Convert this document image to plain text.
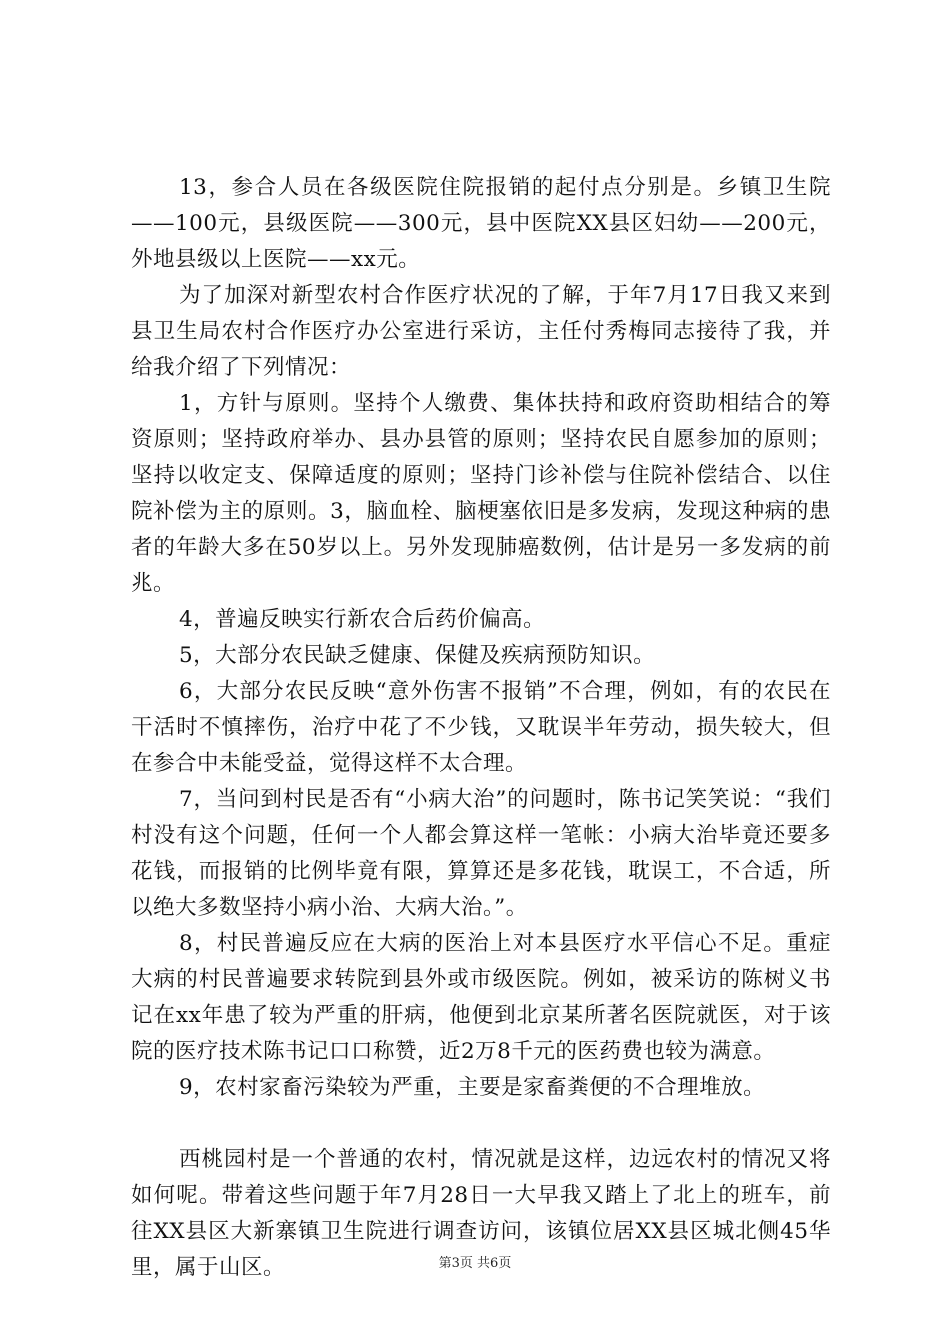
13，参合人员在各级医院住院报销的起付点分别是。乡镇卫生院——100元，县级医院——300元，县中医院XX县区妇幼——200元，外地县级以上医院——xx元。

为了加深对新型农村合作医疗状况的了解，于年7月17日我又来到县卫生局农村合作医疗办公室进行采访，主任付秀梅同志接待了我，并给我介绍了下列情况：

1，方针与原则。坚持个人缴费、集体扶持和政府资助相结合的筹资原则；坚持政府举办、县办县管的原则；坚持农民自愿参加的原则；坚持以收定支、保障适度的原则；坚持门诊补偿与住院补偿结合、以住院补偿为主的原则。3，脑血栓、脑梗塞依旧是多发病，发现这种病的患者的年龄大多在50岁以上。另外发现肺癌数例，估计是另一多发病的前兆。

4，普遍反映实行新农合后药价偏高。

5，大部分农民缺乏健康、保健及疾病预防知识。

6，大部分农民反映“意外伤害不报销”不合理，例如，有的农民在干活时不慎摔伤，治疗中花了不少钱，又耽误半年劳动，损失较大，但在参合中未能受益，觉得这样不太合理。

7，当问到村民是否有“小病大治”的问题时，陈书记笑笑说：“我们村没有这个问题，任何一个人都会算这样一笔帐：小病大治毕竟还要多花钱，而报销的比例毕竟有限，算算还是多花钱，耽误工，不合适，所以绝大多数坚持小病小治、大病大治。”。

8，村民普遍反应在大病的医治上对本县医疗水平信心不足。重症大病的村民普遍要求转院到县外或市级医院。例如，被采访的陈树义书记在xx年患了较为严重的肝病，他便到北京某所著名医院就医，对于该院的医疗技术陈书记口口称赞，近2万8千元的医药费也较为满意。

9，农村家畜污染较为严重，主要是家畜粪便的不合理堆放。

西桃园村是一个普通的农村，情况就是这样，边远农村的情况又将如何呢。带着这些问题于年7月28日一大早我又踏上了北上的班车，前往XX县区大新寨镇卫生院进行调查访问，该镇位居XX县区城北侧45华里，属于山区。	第3页 共6页
